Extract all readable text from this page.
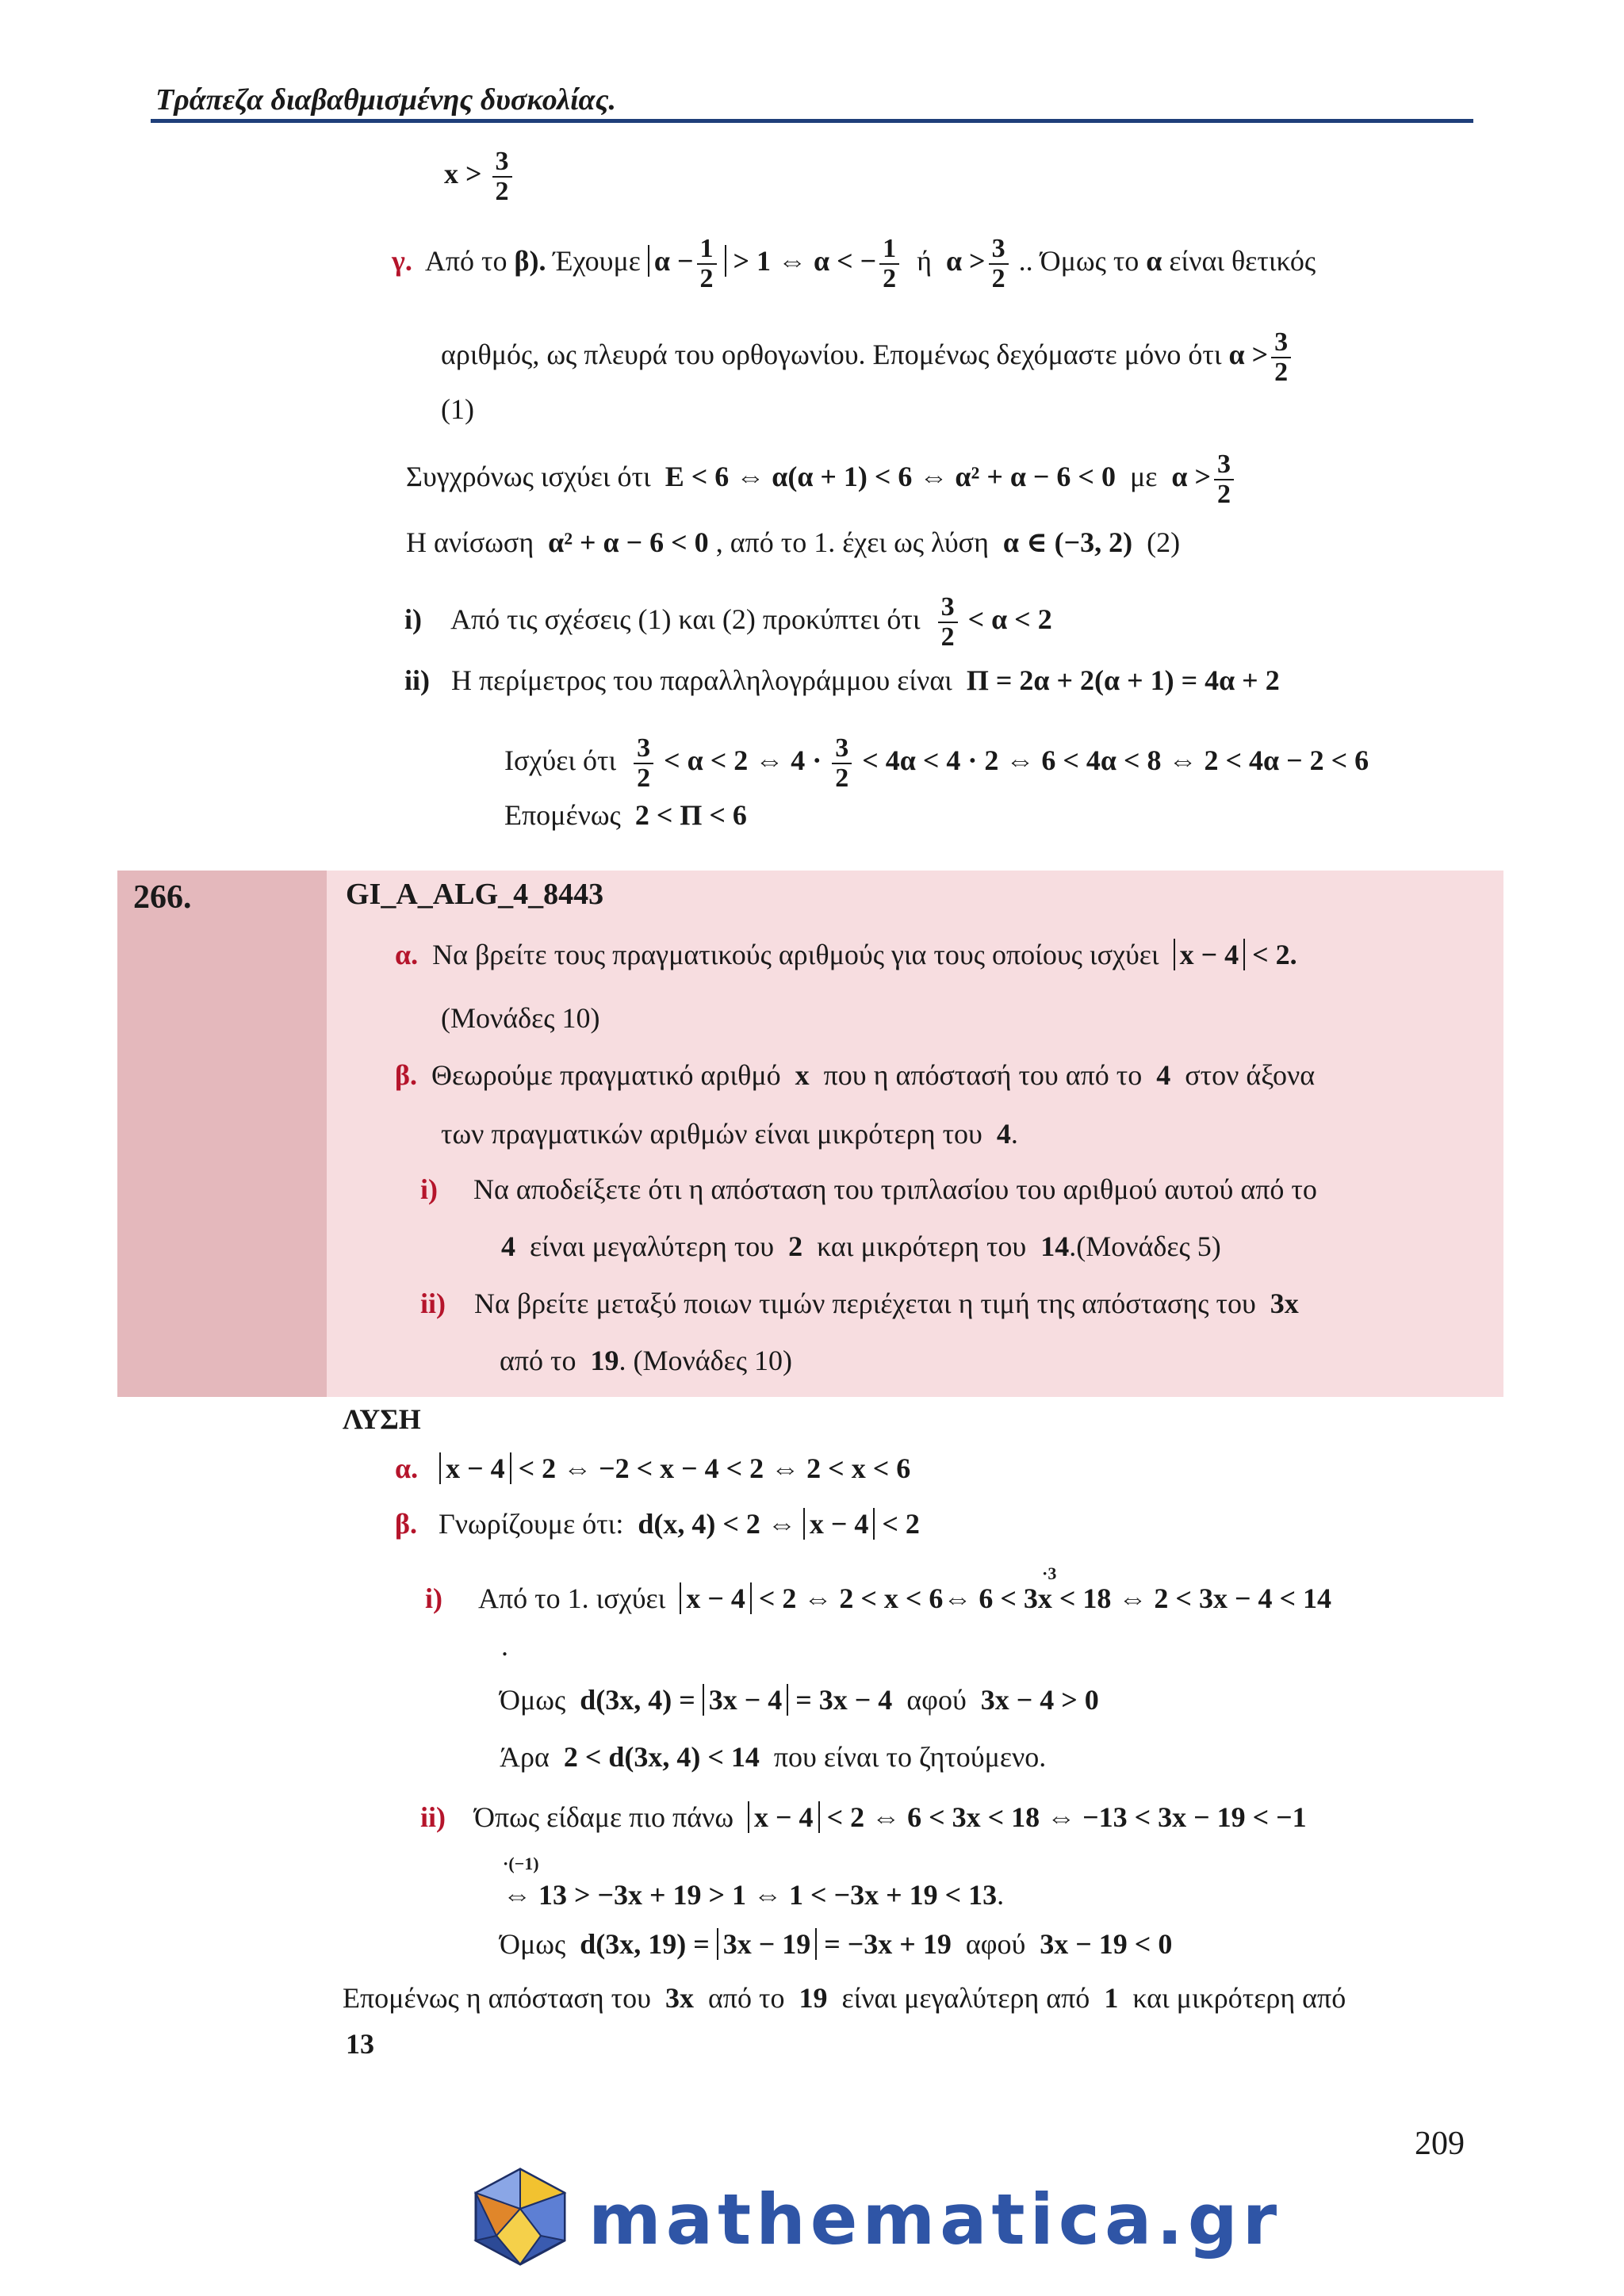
Τράπεζα διαβαθμισμένης δυσκολίας.
$x > \frac{3}{2}$
γ. Από το β). Έχουμε $\alpha - \frac{1}{2} > 1$ ⇔ α < − $\frac{1}{2}$ ή $\alpha > \frac{3}{2}$ .. Όμως το α είναι θετικός
αριθμός, ως πλευρά του ορθογωνίου. Επομένως δεχόμαστε μόνο ότι $\alpha > \frac{3}{2}$
(1)
Συγχρόνως ισχύει ότι E < 6 ⇔ α(α + 1) < 6 ⇔ α² + α − 6 < 0 με $\alpha > \frac{3}{2}$
Η ανίσωση α² + α − 6 < 0 , από το 1. έχει ως λύση α ∈ (−3, 2) (2)
i) Από τις σχέσεις (1) και (2) προκύπτει ότι $\frac{3}{2} < \alpha < 2$
ii) Η περίμετρος του παραλληλογράμμου είναι Π = 2α + 2(α + 1) = 4α + 2
Ισχύει ότι $\frac{3}{2} < \alpha < 2$ ⇔ $4 \cdot \frac{3}{2} < 4\alpha < 4 \cdot 2$ ⇔ 6 < 4α < 8 ⇔ 2 < 4α − 2 < 6
Επομένως 2 < Π < 6
266.	GI_A_ALG_4_8443
α. Να βρείτε τους πραγματικούς αριθμούς για τους οποίους ισχύει x − 4 < 2.
(Μονάδες 10)
β. Θεωρούμε πραγματικό αριθμό x που η απόστασή του από το 4 στον άξονα
των πραγματικών αριθμών είναι μικρότερη του 4.
i) Να αποδείξετε ότι η απόσταση του τριπλασίου του αριθμού αυτού από το
4 είναι μεγαλύτερη του 2 και μικρότερη του 14.(Μονάδες 5)
ii) Να βρείτε μεταξύ ποιων τιμών περιέχεται η τιμή της απόστασης του 3x
από το 19. (Μονάδες 10)
ΛΥΣΗ
α. x − 4 < 2 ⇔ −2 < x − 4 < 2 ⇔ 2 < x < 6
β. Γνωρίζουμε ότι: d(x, 4) < 2 ⇔ x − 4 < 2
·3
i) Από το 1. ισχύει x − 4 < 2 ⇔ 2 < x < 6⇔ 6 < 3x < 18 ⇔ 2 < 3x − 4 < 14
.
Όμως d(3x, 4) = 3x − 4 = 3x − 4 αφού 3x − 4 > 0
Άρα 2 < d(3x, 4) < 14 που είναι το ζητούμενο.
ii) Όπως είδαμε πιο πάνω x − 4 < 2 ⇔ 6 < 3x < 18 ⇔ −13 < 3x − 19 < −1
·(−1)
⇔ 13 > −3x + 19 > 1 ⇔ 1 < −3x + 19 < 13.
Όμως d(3x, 19) = 3x − 19 = −3x + 19 αφού 3x − 19 < 0
Επομένως η απόσταση του 3x από το 19 είναι μεγαλύτερη από 1 και μικρότερη από
13
209
mathematica.gr
